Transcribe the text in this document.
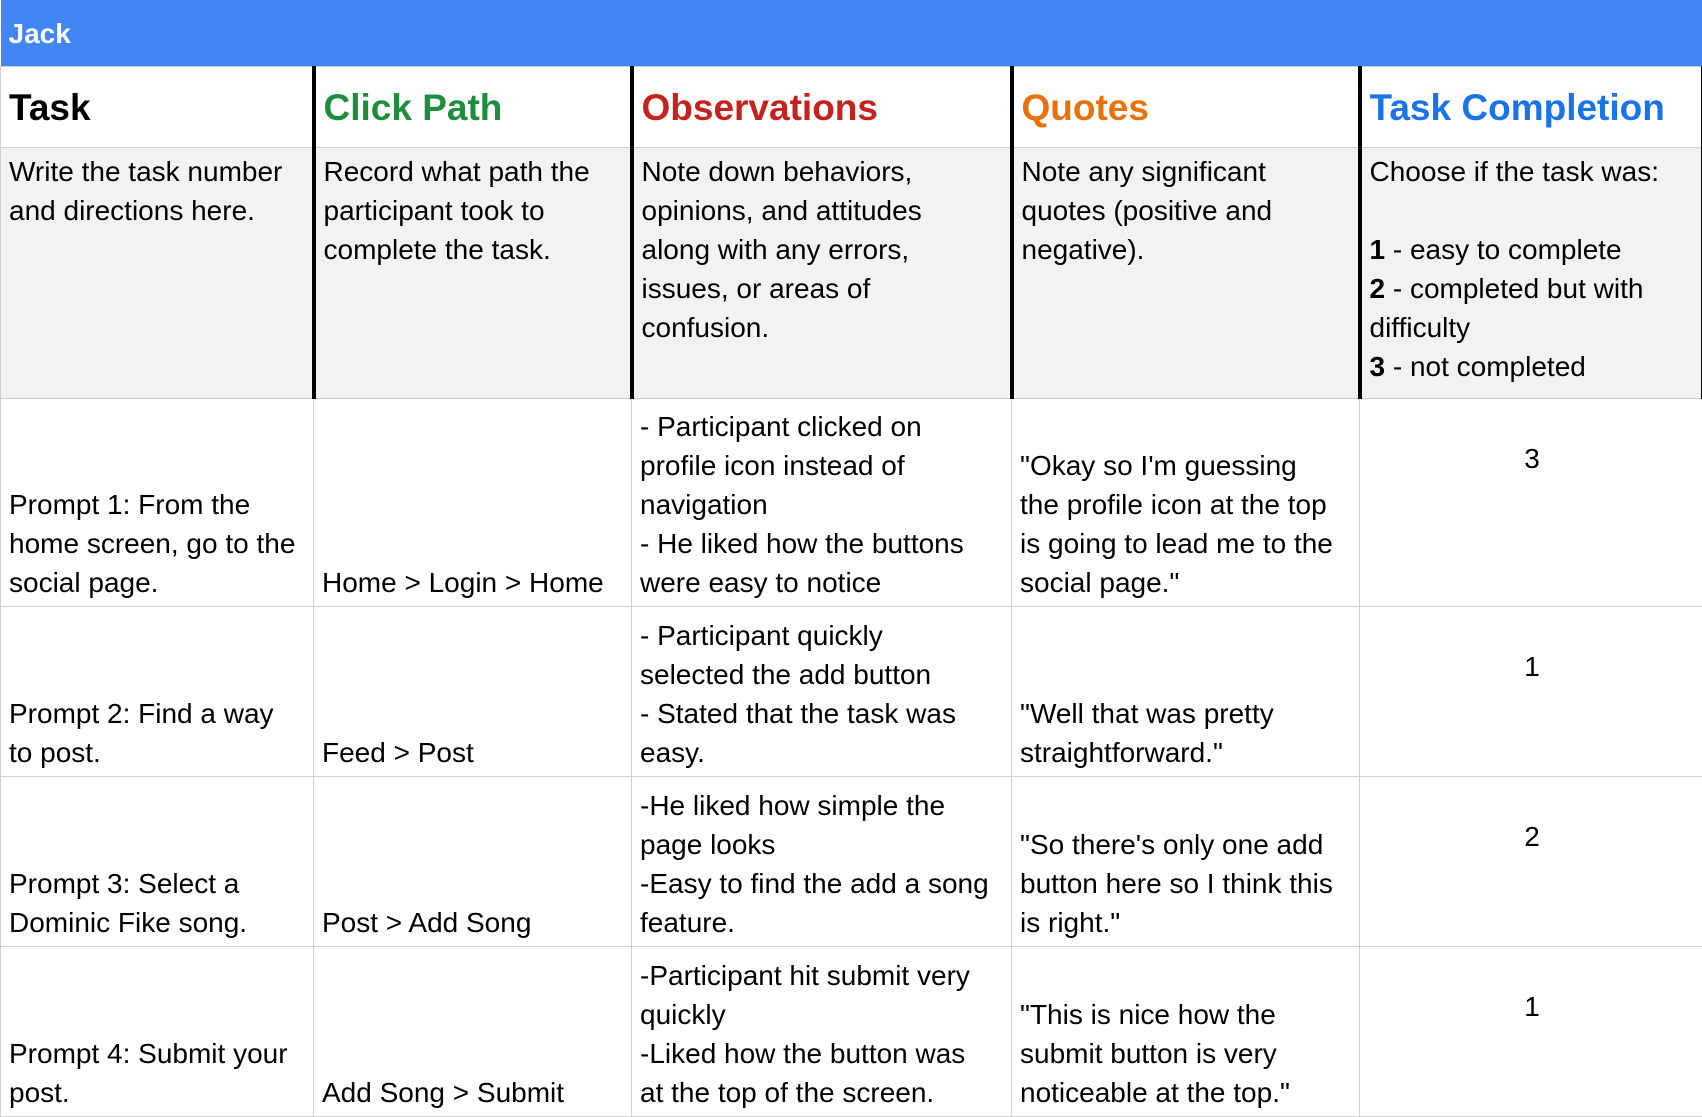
Jack				
Task	Click Path	Observations	Quotes	Task Completion

Write the task number
and directions here.	Record what path the
participant took to
complete the task.	Note down behaviors,
opinions, and attitudes
along with any errors,
issues, or areas of
confusion.	Note any significant
quotes (positive and
negative).	Choose if the task was:

1 - easy to complete
2 - completed but with
difficulty
3 - not completed

Prompt 1: From the
home screen, go to the
social page.	Home > Login > Home	- Participant clicked on
profile icon instead of
navigation
- He liked how the buttons
were easy to notice	"Okay so I'm guessing
the profile icon at the top
is going to lead me to the
social page."	3

Prompt 2: Find a way
to post.	Feed > Post	- Participant quickly
selected the add button
- Stated that the task was
easy.	"Well that was pretty
straightforward."	1

Prompt 3: Select a
Dominic Fike song.	Post > Add Song	-He liked how simple the
page looks
-Easy to find the add a song
feature.	"So there's only one add
button here so I think this
is right."	2

Prompt 4: Submit your
post.	Add Song > Submit	-Participant hit submit very
quickly
-Liked how the button was
at the top of the screen.	"This is nice how the
submit button is very
noticeable at the top."	1
